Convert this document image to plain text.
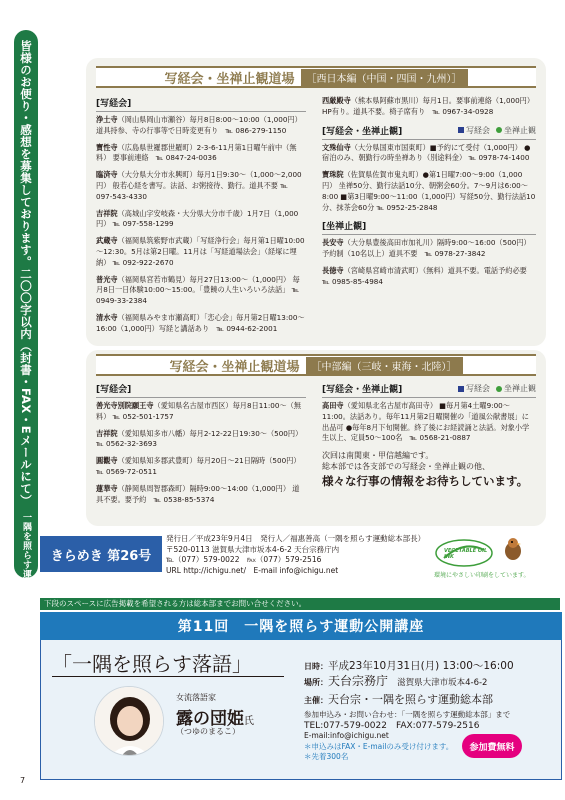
皆様のお便り・感想を募集しております。二〇〇字以内（封書・FAX・Eメールにて）　一隅を照らす運動総本部
写経会・坐禅止観道場	［西日本編（中国・四国・九州）］
[写経会]
浄土寺（岡山県岡山市瀬谷）毎月8日8:00～10:00（1,000円） 道具持参、寺の行事等で日時変更有り　℡ 086-279-1150
寶性寺（広島県世羅郡世羅町）2-3-6-11月第1日曜午前中（無料） 要事前連絡　℡ 0847-24-0036
臨済寺（大分県大分市永興町）毎月1日9:30～（1,000～2,000円） 般若心経を書写。法話、お粥接待、勤行。道具不要 ℡ 097-543-4330
吉祥院（高城山字安岐森・大分県大分市千歳）1月7日（1,000円） ℡ 097-558-1299
武蔵寺（福岡県筑紫野市武蔵）「写経浄行会」毎月第1日曜10:00～12:30。5月は第2日曜。11月は「写経道場法会」（経塚に埋納） ℡ 092-922-2670
普光寺（福岡県宮若市鶴見）毎月27日13:00～（1,000円） 毎月8日一日体験10:00～15:00。「豊饒の人生いろいろ法話」 ℡ 0949-33-2384
清水寺（福岡県みやま市瀬高町）「恋心会」毎月第2日曜13:00～16:00（1,000円）写経と講話あり　℡ 0944-62-2001
西厳殿寺（熊本県阿蘇市黒川）毎月1日。要事前連絡（1,000円） HP有り。道具不要。椅子席有り　℡ 0967-34-0928
[写経会・坐禅止観]	写経会	坐禅止観
文殊仙寺（大分県国東市国東町）■予約にて受付（1,000円） ●宿泊のみ、朝勤行の時坐禅あり（別途料金） ℡ 0978-74-1400
寶珠院（佐賀県佐賀市鬼丸町）●第1日曜7:00～9:00（1,000円） 坐禅50分、勤行法話10分、朝粥会60分。7～9月は6:00～8:00 ■第3日曜9:00～11:00（1,000円）写経50分、勤行法話10分、抹茶会60分 ℡ 0952-25-2848
[坐禅止観]
長安寺（大分県豊後高田市加礼川）隔時9:00～16:00（500円） 予約制（10名以上）道具不要　℡ 0978-27-3842
長徳寺（宮崎県宮崎市清武町）（無料）道具不要。電話予約必要 ℡ 0985-85-4984
写経会・坐禅止観道場	［中部編（三岐・東海・北陸）］
[写経会]
善光寺別院願王寺（愛知県名古屋市西区）毎月8日11:00～（無料） ℡ 052-501-1757
吉祥院（愛知県知多市八幡）毎月2-12-22日19:30～（500円） ℡ 0562-32-3693
圓觀寺（愛知県知多郡武豊町）毎月20日～21日隔時（500円） ℡ 0569-72-0511
蓮華寺（静岡県周智郡森町）隔時9:00～14:00（1,000円） 道具不要。要予約　℡ 0538-85-5374
[写経会・坐禅止観]	写経会	坐禅止観
高田寺（愛知県北名古屋市高田寺） ■毎月第4土曜9:00～11:00。法話あり。毎年11月第2日曜開催の「道風公献書展」に出品可 ●毎年8月下旬開催。終了後にお経読誦と法話。対象小学生以上、定員50～100名　℡ 0568-21-0887
次回は南関東・甲信越編です。
総本部では各支部での写経会・坐禅止観の他、
様々な行事の情報をお待ちしています。
きらめき 第26号
発行日／平成23年9月4日　発行人／福惠善高（一隅を照らす運動総本部長）
〒520-0113 滋賀県大津市坂本4-6-2 天台宗務庁内
℡（077）579-0022　℻（077）579-2516
URL http://ichigu.net/　E-mail info@ichigu.net
VEGETABLE OIL INK
環境にやさしい印刷をしています。
下段のスペースに広告掲載を希望される方は総本部までお問い合せください。
第11回　一隅を照らす運動公開講座
「一隅を照らす落語」
女流落語家
露の団姫氏
（つゆのまるこ）
日時：平成23年10月31日(月) 13:00～16:00
場所：天台宗務庁 滋賀県大津市坂本4-6-2
主催：天台宗・一隅を照らす運動総本部
参加申込み・お問い合わせ：「一隅を照らす運動総本部」まで
TEL:077-579-0022　FAX:077-579-2516
E-mail:info@ichigu.net
＊申込みはFAX・E-mailのみ受け付けます。
＊先着300名
参加費無料
7
